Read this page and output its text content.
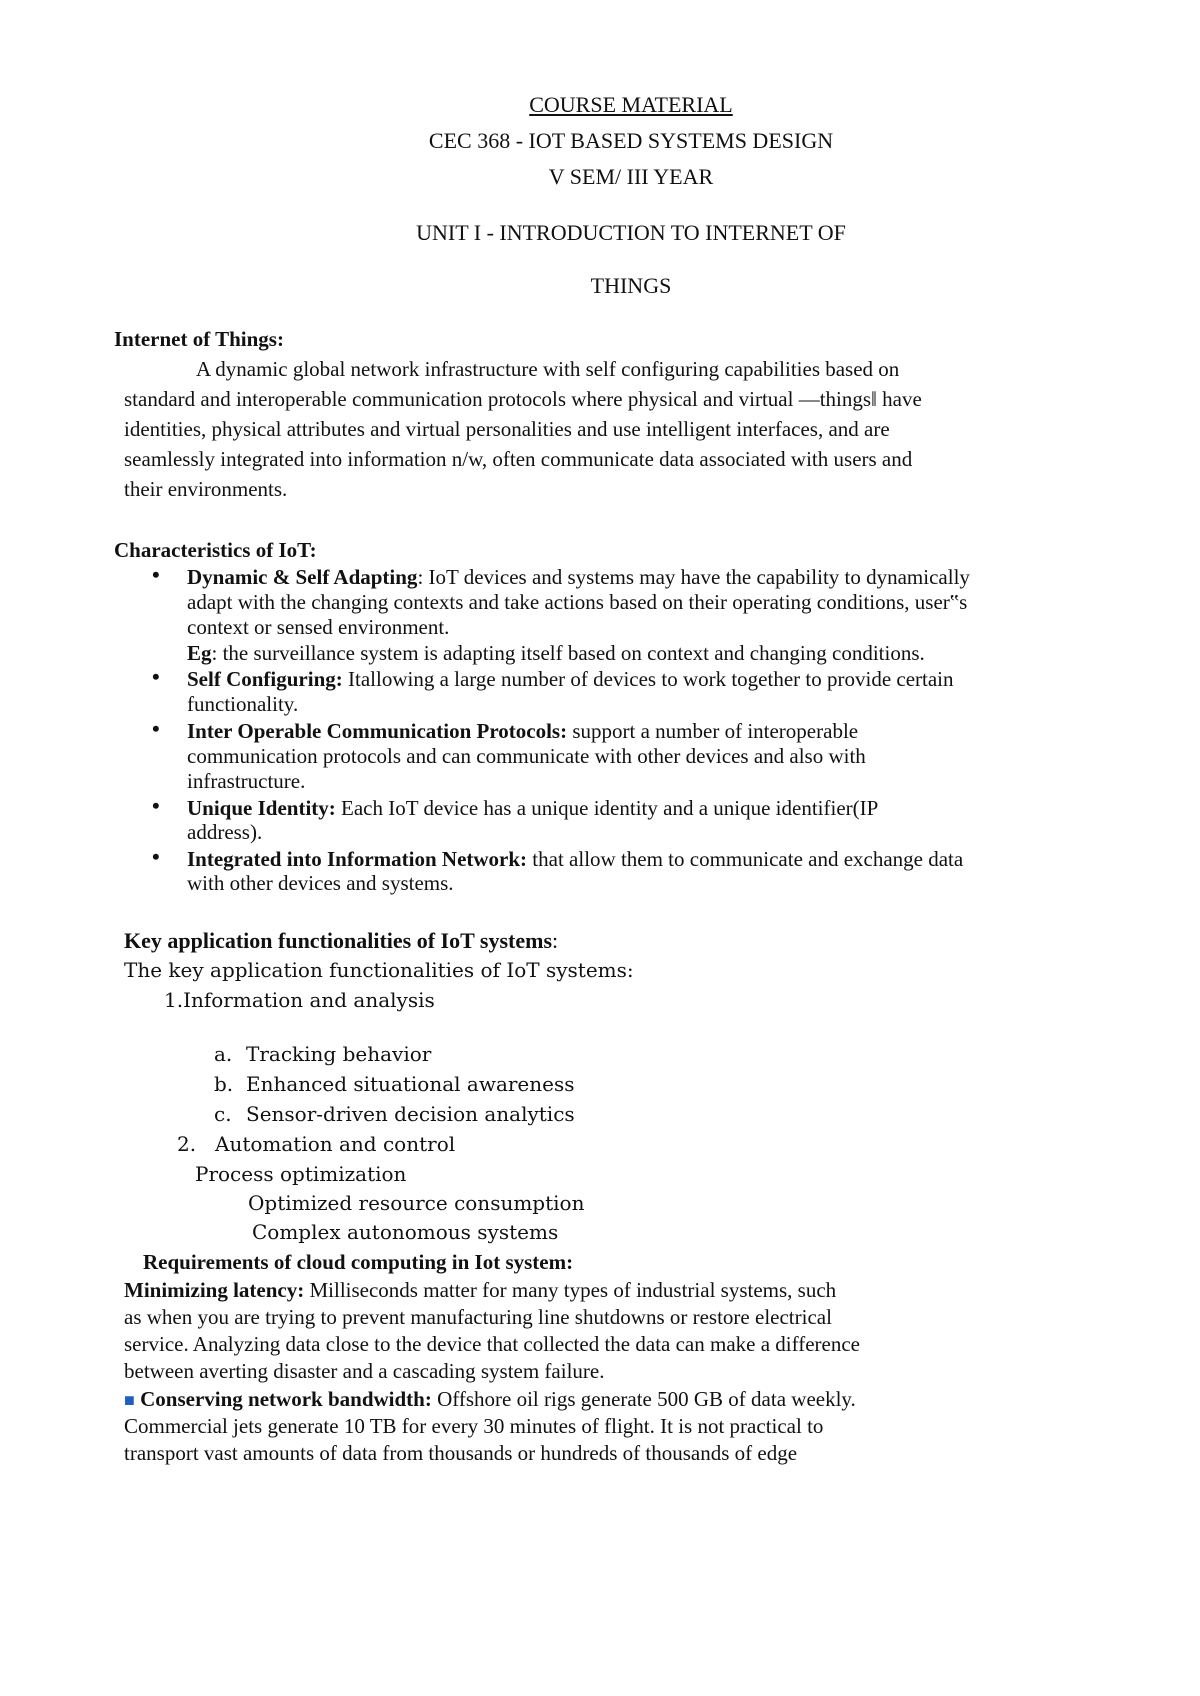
COURSE MATERIAL
CEC 368 - IOT BASED SYSTEMS DESIGN
V SEM/ III YEAR
UNIT I - INTRODUCTION TO INTERNET OF
THINGS
Internet of Things:
A dynamic global network infrastructure with self configuring capabilities based on
standard and interoperable communication protocols where physical and virtual ―things‖ have
identities, physical attributes and virtual personalities and use intelligent interfaces, and are
seamlessly integrated into information n/w, often communicate data associated with users and
their environments.
Characteristics of IoT:
• Dynamic & Self Adapting: IoT devices and systems may have the capability to dynamically
adapt with the changing contexts and take actions based on their operating conditions, user‟s
context or sensed environment.
Eg: the surveillance system is adapting itself based on context and changing conditions.
• Self Configuring: Itallowing a large number of devices to work together to provide certain
functionality.
• Inter Operable Communication Protocols: support a number of interoperable
communication protocols and can communicate with other devices and also with
infrastructure.
• Unique Identity: Each IoT device has a unique identity and a unique identifier(IP
address).
• Integrated into Information Network: that allow them to communicate and exchange data
with other devices and systems.
Key application functionalities of IoT systems:
The key application functionalities of IoT systems:
1.Information and analysis
a. Tracking behavior
b. Enhanced situational awareness
c. Sensor-driven decision analytics
2. Automation and control
Process optimization
Optimized resource consumption
Complex autonomous systems
Requirements of cloud computing in Iot system:
Minimizing latency: Milliseconds matter for many types of industrial systems, such
as when you are trying to prevent manufacturing line shutdowns or restore electrical
service. Analyzing data close to the device that collected the data can make a difference
between averting disaster and a cascading system failure.
■ Conserving network bandwidth: Offshore oil rigs generate 500 GB of data weekly.
Commercial jets generate 10 TB for every 30 minutes of flight. It is not practical to
transport vast amounts of data from thousands or hundreds of thousands of edge
